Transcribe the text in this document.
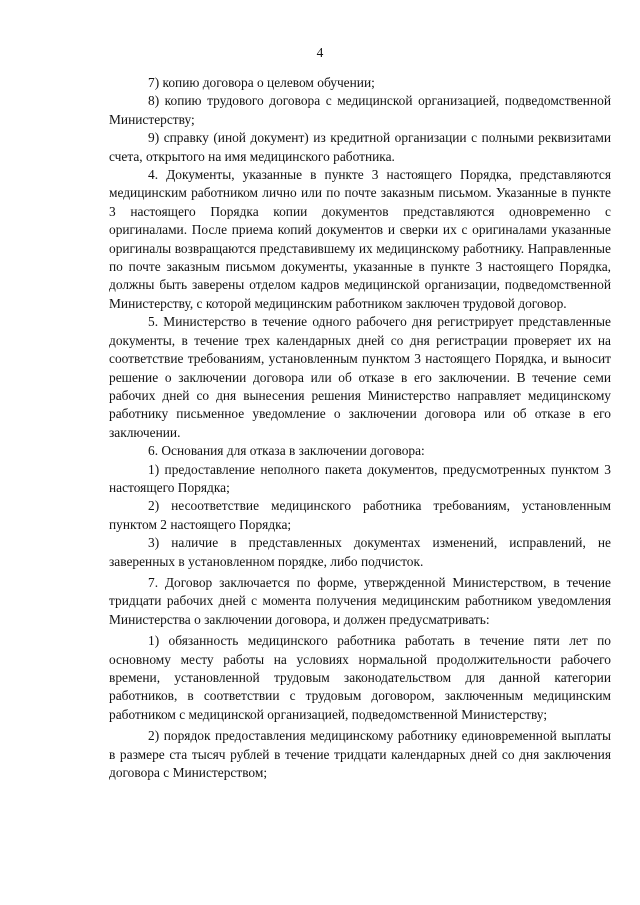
4

7) копию договора о целевом обучении;

8) копию трудового договора с медицинской организацией, подведомственной Министерству;

9) справку (иной документ) из кредитной организации с полными реквизитами счета, открытого на имя медицинского работника.

4. Документы, указанные в пункте 3 настоящего Порядка, представляются медицинским работником лично или по почте заказным письмом. Указанные в пункте 3 настоящего Порядка копии документов представляются одновременно с оригиналами. После приема копий документов и сверки их с оригиналами указанные оригиналы возвращаются представившему их медицинскому работнику. Направленные по почте заказным письмом документы, указанные в пункте 3 настоящего Порядка, должны быть заверены отделом кадров медицинской организации, подведомственной Министерству, с которой медицинским работником заключен трудовой договор.

5. Министерство в течение одного рабочего дня регистрирует представленные документы, в течение трех календарных дней со дня регистрации проверяет их на соответствие требованиям, установленным пунктом 3 настоящего Порядка, и выносит решение о заключении договора или об отказе в его заключении. В течение семи рабочих дней со дня вынесения решения Министерство направляет медицинскому работнику письменное уведомление о заключении договора или об отказе в его заключении.

6. Основания для отказа в заключении договора:

1) предоставление неполного пакета документов, предусмотренных пунктом 3 настоящего Порядка;

2) несоответствие медицинского работника требованиям, установленным пунктом 2 настоящего Порядка;

3) наличие в представленных документах изменений, исправлений, не заверенных в установленном порядке, либо подчисток.

7. Договор заключается по форме, утвержденной Министерством, в течение тридцати рабочих дней с момента получения медицинским работником уведомления Министерства о заключении договора, и должен предусматривать:

1) обязанность медицинского работника работать в течение пяти лет по основному месту работы на условиях нормальной продолжительности рабочего времени, установленной трудовым законодательством для данной категории работников, в соответствии с трудовым договором, заключенным медицинским работником с медицинской организацией, подведомственной Министерству;

2) порядок предоставления медицинскому работнику единовременной выплаты в размере ста тысяч рублей в течение тридцати календарных дней со дня заключения договора с Министерством;
